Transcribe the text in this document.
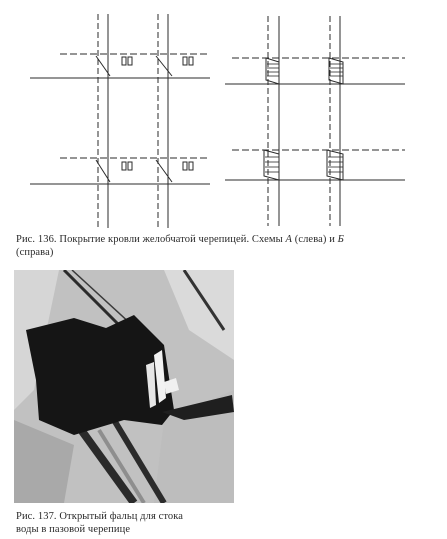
Рис. 136. Покрытие кровли желобчатой черепицей. Схемы А (слева) и Б
(справа)
Рис. 137. Открытый фальц для стока
воды в пазовой черепице
